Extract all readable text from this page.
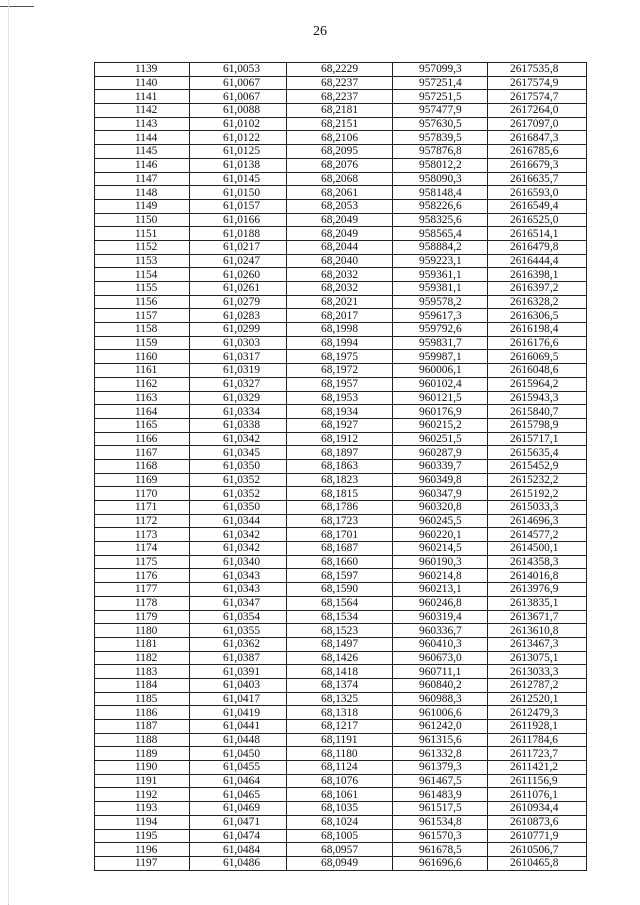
26
1139	61,0053	68,2229	957099,3	2617535,8
1140	61,0067	68,2237	957251,4	2617574,9
1141	61,0067	68,2237	957251,5	2617574,7
1142	61,0088	68,2181	957477,9	2617264,0
1143	61,0102	68,2151	957630,5	2617097,0
1144	61,0122	68,2106	957839,5	2616847,3
1145	61,0125	68,2095	957876,8	2616785,6
1146	61,0138	68,2076	958012,2	2616679,3
1147	61,0145	68,2068	958090,3	2616635,7
1148	61,0150	68,2061	958148,4	2616593,0
1149	61,0157	68,2053	958226,6	2616549,4
1150	61,0166	68,2049	958325,6	2616525,0
1151	61,0188	68,2049	958565,4	2616514,1
1152	61,0217	68,2044	958884,2	2616479,8
1153	61,0247	68,2040	959223,1	2616444,4
1154	61,0260	68,2032	959361,1	2616398,1
1155	61,0261	68,2032	959381,1	2616397,2
1156	61,0279	68,2021	959578,2	2616328,2
1157	61,0283	68,2017	959617,3	2616306,5
1158	61,0299	68,1998	959792,6	2616198,4
1159	61,0303	68,1994	959831,7	2616176,6
1160	61,0317	68,1975	959987,1	2616069,5
1161	61,0319	68,1972	960006,1	2616048,6
1162	61,0327	68,1957	960102,4	2615964,2
1163	61,0329	68,1953	960121,5	2615943,3
1164	61,0334	68,1934	960176,9	2615840,7
1165	61,0338	68,1927	960215,2	2615798,9
1166	61,0342	68,1912	960251,5	2615717,1
1167	61,0345	68,1897	960287,9	2615635,4
1168	61,0350	68,1863	960339,7	2615452,9
1169	61,0352	68,1823	960349,8	2615232,2
1170	61,0352	68,1815	960347,9	2615192,2
1171	61,0350	68,1786	960320,8	2615033,3
1172	61,0344	68,1723	960245,5	2614696,3
1173	61,0342	68,1701	960220,1	2614577,2
1174	61,0342	68,1687	960214,5	2614500,1
1175	61,0340	68,1660	960190,3	2614358,3
1176	61,0343	68,1597	960214,8	2614016,8
1177	61,0343	68,1590	960213,1	2613976,9
1178	61,0347	68,1564	960246,8	2613835,1
1179	61,0354	68,1534	960319,4	2613671,7
1180	61,0355	68,1523	960336,7	2613610,8
1181	61,0362	68,1497	960410,3	2613467,3
1182	61,0387	68,1426	960673,0	2613075,1
1183	61,0391	68,1418	960711,1	2613033,3
1184	61,0403	68,1374	960840,2	2612787,2
1185	61,0417	68,1325	960988,3	2612520,1
1186	61,0419	68,1318	961006,6	2612479,3
1187	61,0441	68,1217	961242,0	2611928,1
1188	61,0448	68,1191	961315,6	2611784,6
1189	61,0450	68,1180	961332,8	2611723,7
1190	61,0455	68,1124	961379,3	2611421,2
1191	61,0464	68,1076	961467,5	2611156,9
1192	61,0465	68,1061	961483,9	2611076,1
1193	61,0469	68,1035	961517,5	2610934,4
1194	61,0471	68,1024	961534,8	2610873,6
1195	61,0474	68,1005	961570,3	2610771,9
1196	61,0484	68,0957	961678,5	2610506,7
1197	61,0486	68,0949	961696,6	2610465,8
